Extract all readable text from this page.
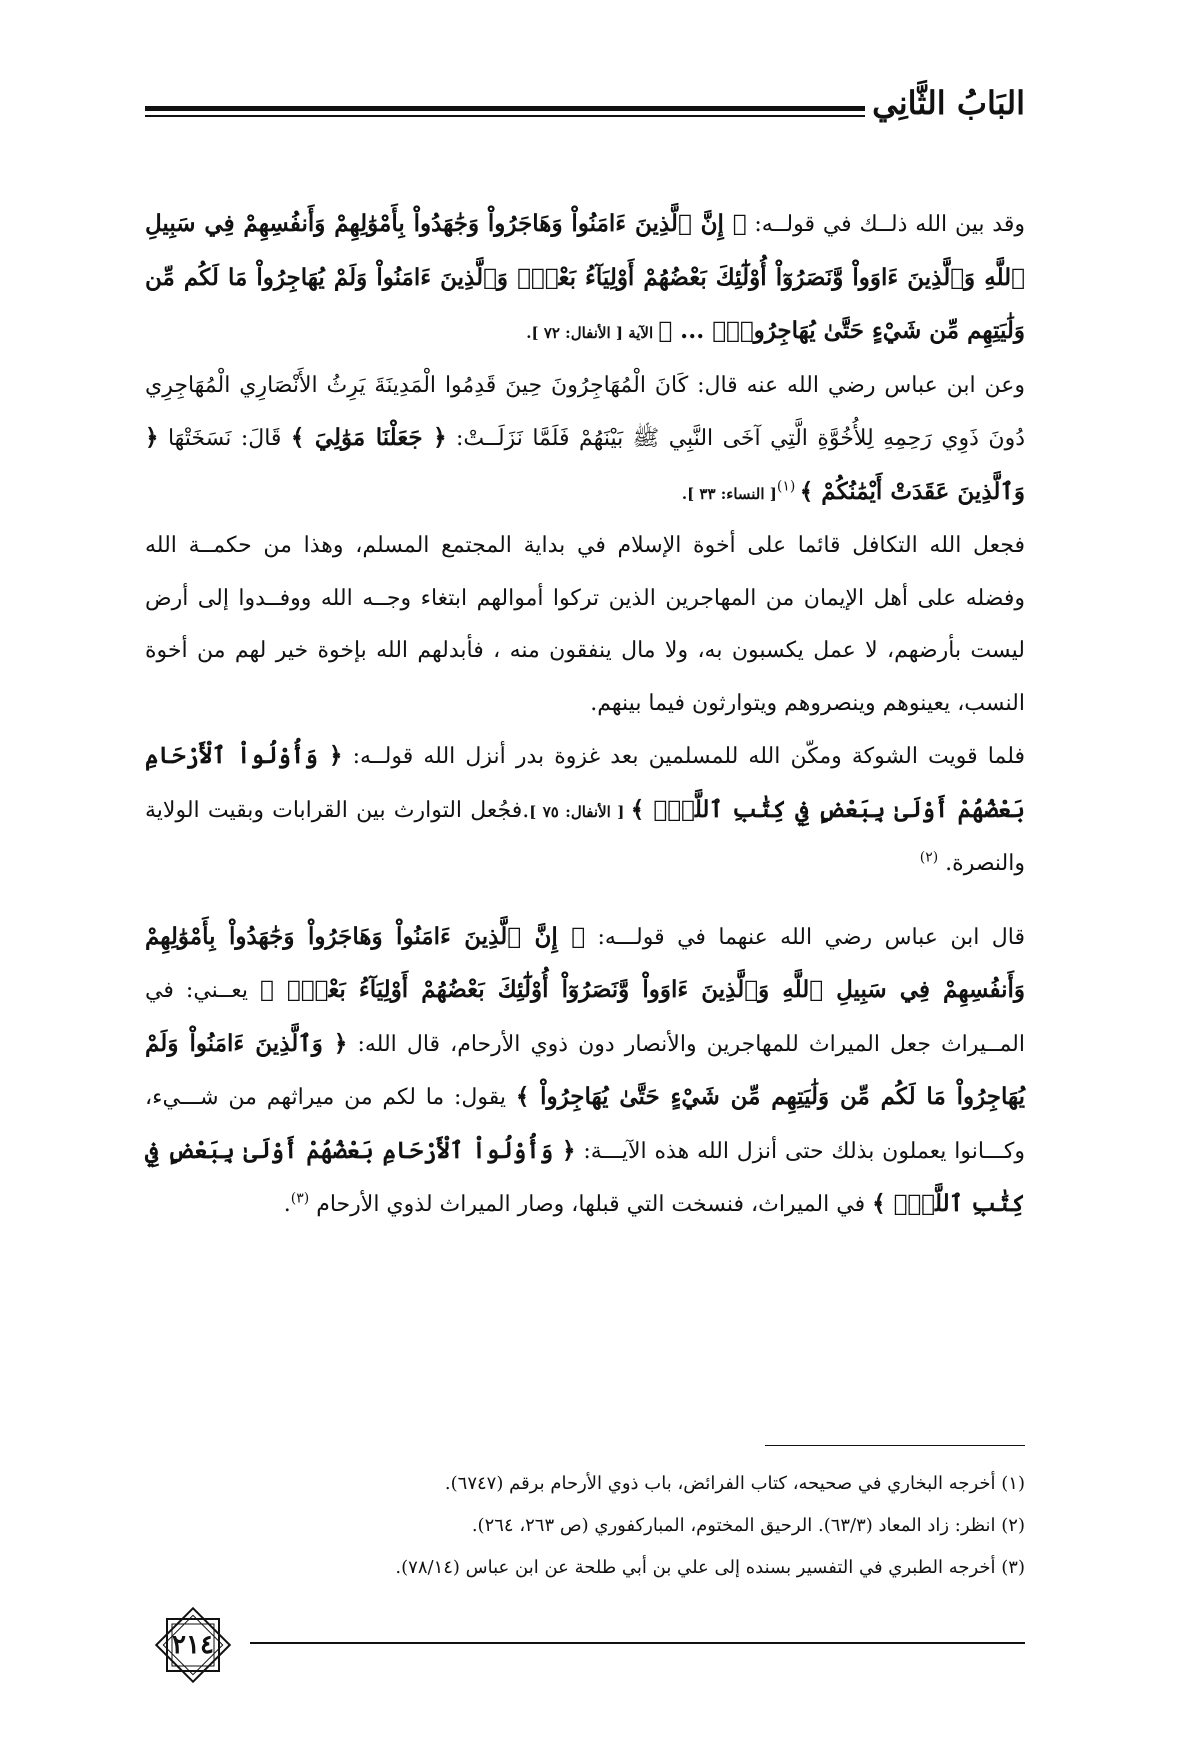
البَابُ الثَّانِي

وقد بين الله ذلــك في قولــه: ﴿ إِنَّ ٱلَّذِينَ ءَامَنُواْ وَهَاجَرُواْ وَجَٰهَدُواْ بِأَمْوَٰلِهِمْ وَأَنفُسِهِمْ فِي سَبِيلِ ٱللَّهِ وَٱلَّذِينَ ءَاوَواْ وَّنَصَرُوٓاْ أُوْلَٰٓئِكَ بَعْضُهُمْ أَوْلِيَآءُ بَعْضٍۚ وَٱلَّذِينَ ءَامَنُواْ وَلَمْ يُهَاجِرُواْ مَا لَكُم مِّن وَلَٰيَتِهِم مِّن شَيْءٍ حَتَّىٰ يُهَاجِرُواْۚ ... ﴾ الآية [ الأنفال: ٧٢ ].

وعن ابن عباس رضي الله عنه قال: كَانَ الْمُهَاجِرُونَ حِينَ قَدِمُوا الْمَدِينَةَ يَرِثُ الأَنْصَارِي الْمُهَاجِرِي دُونَ ذَوِي رَحِمِهِ لِلأُخُوَّةِ الَّتِي آخَى النَّبِي ﷺ بَيْنَهُمْ فَلَمَّا نَزَلَــتْ: ﴿ جَعَلْنَا مَوَٰلِيَ ﴾ قَالَ: نَسَخَتْهَا ﴿ وَٱلَّذِينَ عَقَدَتْ أَيْمَٰنُكُمْ ﴾ $^{(١)}$[ النساء: ٣٣ ].

فجعل الله التكافل قائما على أخوة الإسلام في بداية المجتمع المسلم، وهذا من حكمــة الله وفضله على أهل الإيمان من المهاجرين الذين تركوا أموالهم ابتغاء وجــه الله ووفــدوا إلى أرض ليست بأرضهم، لا عمل يكسبون به، ولا مال ينفقون منه ، فأبدلهم الله بإخوة خير لهم من أخوة النسب، يعينوهم وينصروهم ويتوارثون فيما بينهم.

فلما قويت الشوكة ومكّن الله للمسلمين بعد غزوة بدر أنزل الله قولــه: ﴿ وَأُوْلُواْ ٱلْأَرْحَامِ بَعْضُهُمْ أَوْلَىٰ بِبَعْضٍ فِي كِتَٰبِ ٱللَّهِۗ ﴾ [ الأنفال: ٧٥ ].فجُعل التوارث بين القرابات وبقيت الولاية والنصرة. $^{(٢)}$

قال ابن عباس رضي الله عنهما في قولـــه: ﴿ إِنَّ ٱلَّذِينَ ءَامَنُواْ وَهَاجَرُواْ وَجَٰهَدُواْ بِأَمْوَٰلِهِمْ وَأَنفُسِهِمْ فِي سَبِيلِ ٱللَّهِ وَٱلَّذِينَ ءَاوَواْ وَّنَصَرُوٓاْ أُوْلَٰٓئِكَ بَعْضُهُمْ أَوْلِيَآءُ بَعْضٍۚ ﴾ يعــني: في المــيراث جعل الميراث للمهاجرين والأنصار دون ذوي الأرحام، قال الله: ﴿ وَٱلَّذِينَ ءَامَنُواْ وَلَمْ يُهَاجِرُواْ مَا لَكُم مِّن وَلَٰيَتِهِم مِّن شَيْءٍ حَتَّىٰ يُهَاجِرُواْ ﴾ يقول: ما لكم من ميراثهم من شـــيء، وكـــانوا يعملون بذلك حتى أنزل الله هذه الآيـــة: ﴿ وَأُوْلُواْ ٱلْأَرْحَامِ بَعْضُهُمْ أَوْلَىٰ بِبَعْضٍ فِي كِتَٰبِ ٱللَّهِۗ ﴾ في الميراث، فنسخت التي قبلها، وصار الميراث لذوي الأرحام $^{(٣)}$.

(١) أخرجه البخاري في صحيحه، كتاب الفرائض، باب ذوي الأرحام برقم (٦٧٤٧).

(٢) انظر: زاد المعاد (٦٣/٣). الرحيق المختوم، المباركفوري (ص ٢٦٣، ٢٦٤).

(٣) أخرجه الطبري في التفسير بسنده إلى علي بن أبي طلحة عن ابن عباس (٧٨/١٤).

٢١٤
